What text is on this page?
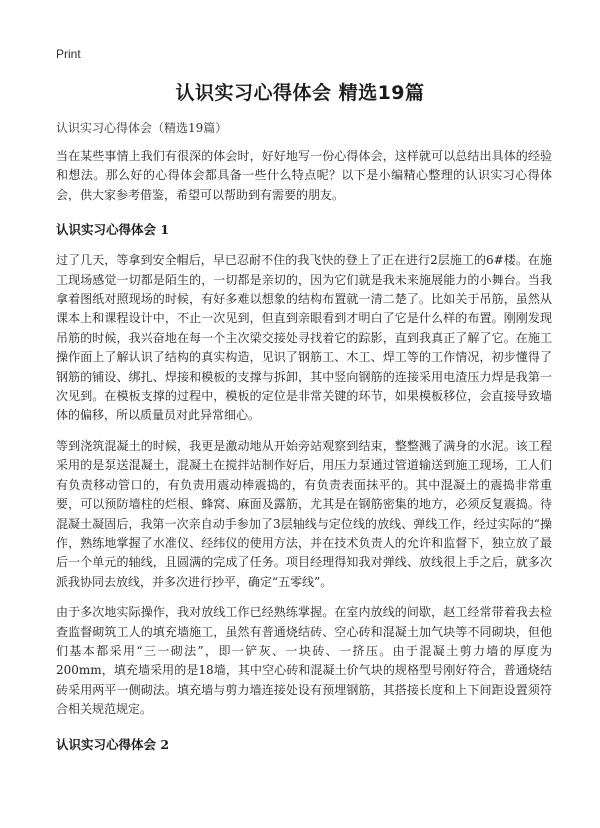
Print
认识实习心得体会 精选19篇
认识实习心得体会（精选19篇）

当在某些事情上我们有很深的体会时，好好地写一份心得体会，这样就可以总结出具体的经验和想法。那么好的心得体会都具备一些什么特点呢？以下是小编精心整理的认识实习心得体会，供大家参考借鉴，希望可以帮助到有需要的朋友。

认识实习心得体会 1

过了几天，等拿到安全帽后，早已忍耐不住的我飞快的登上了正在进行2层施工的6#楼。在施工现场感觉一切都是陌生的，一切都是亲切的，因为它们就是我未来施展能力的小舞台。当我拿着图纸对照现场的时候，有好多难以想象的结构布置就一清二楚了。比如关于吊筋，虽然从课本上和课程设计中，不止一次见到，但直到亲眼看到才明白了它是什么样的布置。刚刚发现吊筋的时候，我兴奋地在每一个主次梁交接处寻找着它的踪影，直到我真正了解了它。在施工操作面上了解认识了结构的真实构造，见识了钢筋工、木工、焊工等的工作情况，初步懂得了钢筋的铺设、绑扎、焊接和模板的支撑与拆卸，其中竖向钢筋的连接采用电渣压力焊是我第一次见到。在模板支撑的过程中，模板的定位是非常关键的环节，如果模板移位，会直接导致墙体的偏移，所以质量员对此异常细心。

等到浇筑混凝土的时候，我更是激动地从开始旁站观察到结束，整整溅了满身的水泥。该工程采用的是泵送混凝土，混凝土在搅拌站制作好后，用压力泵通过管道输送到施工现场，工人们有负责移动管口的，有负责用震动棒震捣的，有负责表面抹平的。其中混凝土的震捣非常重要，可以预防墙柱的烂根、蜂窝、麻面及露筋，尤其是在钢筋密集的地方，必须反复震捣。待混凝土凝固后，我第一次亲自动手参加了3层轴线与定位线的放线、弹线工作，经过实际的“操作，熟练地掌握了水准仪、经纬仪的使用方法，并在技术负责人的允许和监督下，独立放了最后一个单元的轴线，且圆满的完成了任务。项目经理得知我对弹线、放线很上手之后，就多次派我协同去放线，并多次进行抄平，确定“五零线”。

由于多次地实际操作，我对放线工作已经熟练掌握。在室内放线的间歇，赵工经常带着我去检查监督砌筑工人的填充墙施工，虽然有普通烧结砖、空心砖和混凝土加气块等不同砌块，但他们基本都采用“三一砌法”，即一铲灰、一块砖、一挤压。由于混凝土剪力墙的厚度为200mm，填充墙采用的是18墙，其中空心砖和混凝土价气块的规格型号刚好符合，普通烧结砖采用两平一侧砌法。填充墙与剪力墙连接处设有预埋钢筋，其搭接长度和上下间距设置须符合相关规范规定。

认识实习心得体会 2
